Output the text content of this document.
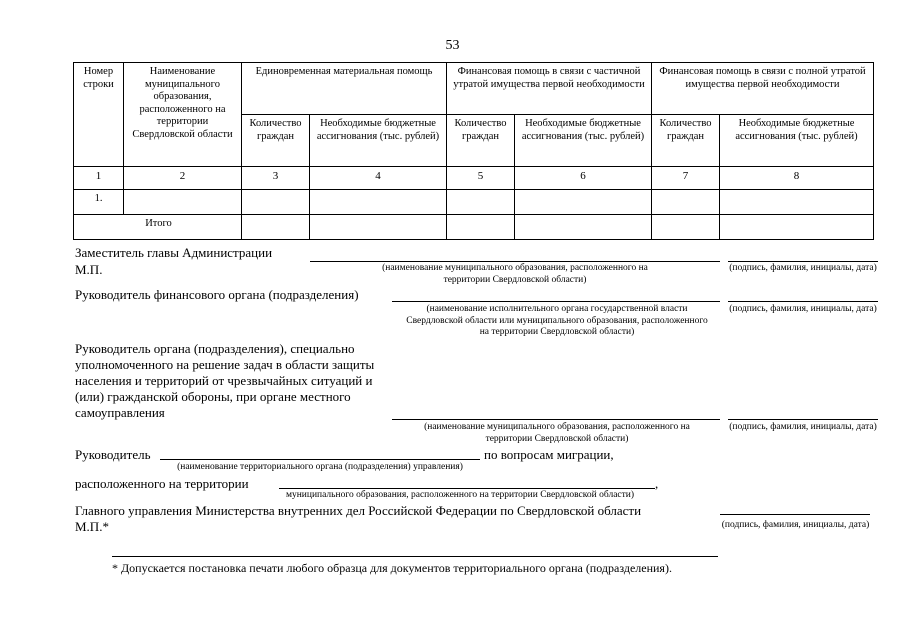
53
Номер строки	Наименование муниципального образования, расположенного на территории Свердловской области	Единовременная материальная помощь		Финансовая помощь в связи с частичной утратой имущества первой необходимости		Финансовая помощь в связи с полной утратой имущества первой необходимости	
		Количество граждан	Необходимые бюджетные ассигнования (тыс. рублей)	Количество граждан	Необходимые бюджетные ассигнования (тыс. рублей)	Количество граждан	Необходимые бюджетные ассигнования (тыс. рублей)
1	2	3	4	5	6	7	8
1.							
Итого							
Заместитель главы Администрации
М.П.	(наименование муниципального образования, расположенного на территории Свердловской области)
(подпись, фамилия, инициалы, дата)
Руководитель финансового органа (подразделения)
(наименование исполнительного органа государственной власти Свердловской области или муниципального образования, расположенного на территории Свердловской области)
(подпись, фамилия, инициалы, дата)
Руководитель органа (подразделения), специально уполномоченного на решение задач в области защиты населения и территорий от чрезвычайных ситуаций и (или) гражданской обороны, при органе местного самоуправления
(наименование муниципального образования, расположенного на территории Свердловской области)
(подпись, фамилия, инициалы, дата)
Руководитель	по вопросам миграции,
(наименование территориального органа (подразделения) управления)
расположенного на территории	,
муниципального образования, расположенного на территории Свердловской области)
Главного управления Министерства внутренних дел Российской Федерации по Свердловской области
М.П.*	(подпись, фамилия, инициалы, дата)
* Допускается постановка печати любого образца для документов территориального органа (подразделения).
